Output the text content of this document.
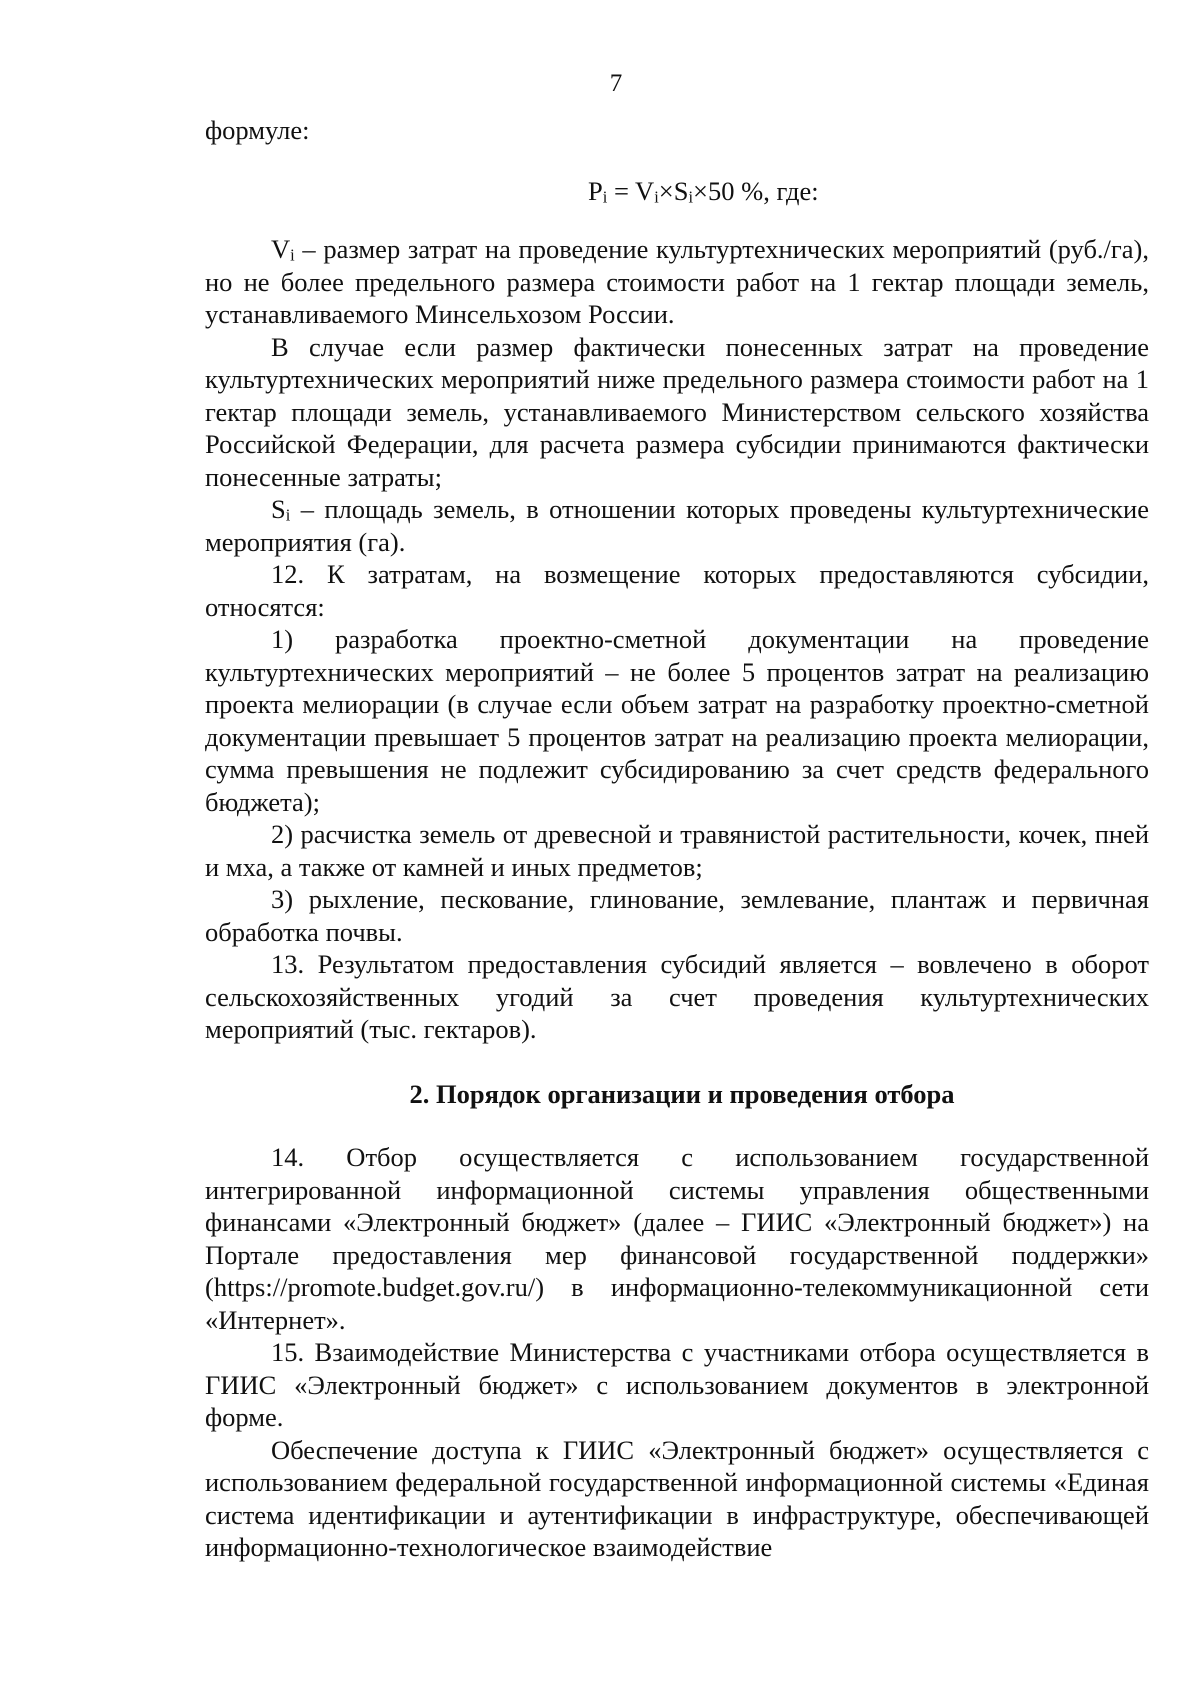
7

формуле:

$P_i = V_i\times S_i\times 50$ %, где:

$V_i$ – размер затрат на проведение культуртехнических мероприятий (руб./га), но не более предельного размера стоимости работ на 1 гектар площади земель, устанавливаемого Минсельхозом России.

В случае если размер фактически понесенных затрат на проведение культуртехнических мероприятий ниже предельного размера стоимости работ на 1 гектар площади земель, устанавливаемого Министерством сельского хозяйства Российской Федерации, для расчета размера субсидии принимаются фактически понесенные затраты;

$S_i$ – площадь земель, в отношении которых проведены культуртехнические мероприятия (га).

12. К затратам, на возмещение которых предоставляются субсидии, относятся:

1) разработка проектно-сметной документации на проведение культуртехнических мероприятий – не более 5 процентов затрат на реализацию проекта мелиорации (в случае если объем затрат на разработку проектно-сметной документации превышает 5 процентов затрат на реализацию проекта мелиорации, сумма превышения не подлежит субсидированию за счет средств федерального бюджета);

2) расчистка земель от древесной и травянистой растительности, кочек, пней и мха, а также от камней и иных предметов;

3) рыхление, пескование, глинование, землевание, плантаж и первичная обработка почвы.

13. Результатом предоставления субсидий является – вовлечено в оборот сельскохозяйственных угодий за счет проведения культуртехнических мероприятий (тыс. гектаров).

2. Порядок организации и проведения отбора

14. Отбор осуществляется с использованием государственной интегрированной информационной системы управления общественными финансами «Электронный бюджет» (далее – ГИИС «Электронный бюджет») на Портале предоставления мер финансовой государственной поддержки» (https://promote.budget.gov.ru/) в информационно-телекоммуникационной сети «Интернет».

15. Взаимодействие Министерства с участниками отбора осуществляется в ГИИС «Электронный бюджет» с использованием документов в электронной форме.

Обеспечение доступа к ГИИС «Электронный бюджет» осуществляется с использованием федеральной государственной информационной системы «Единая система идентификации и аутентификации в инфраструктуре, обеспечивающей информационно-технологическое взаимодействие
